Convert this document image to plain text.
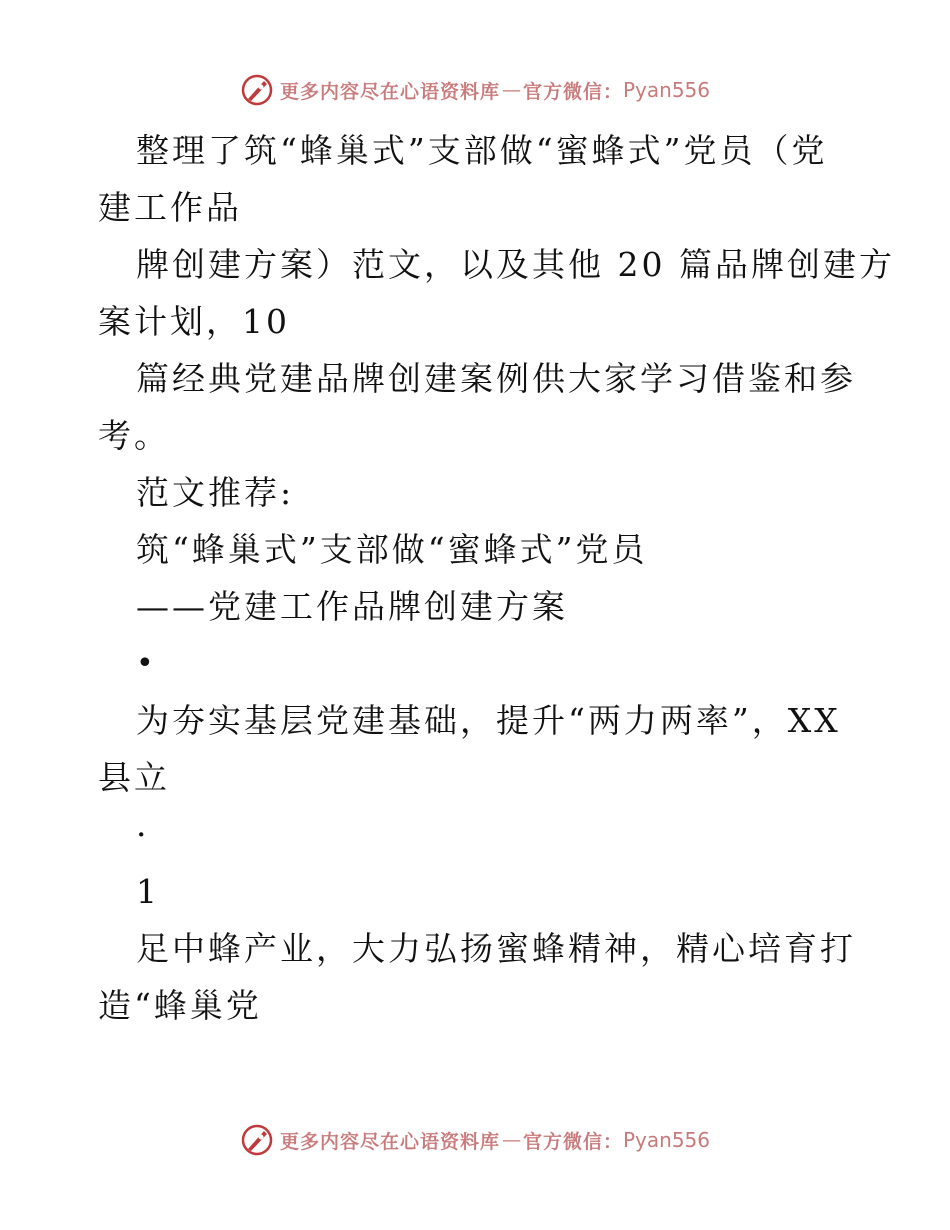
更多内容尽在心语资料库 — 官方微信： Pyan556

整理了筑“蜂巢式”支部做“蜜蜂式”党员（党

建工作品

牌创建方案）范文，以及其他 20 篇品牌创建方

案计划，10

篇经典党建品牌创建案例供大家学习借鉴和参

考。

范文推荐:

筑“蜂巢式”支部做“蜜蜂式”党员

——党建工作品牌创建方案

•

为夯实基层党建基础，提升“两力两率”，XX

县立

·

1

足中蜂产业，大力弘扬蜜蜂精神，精心培育打

造“蜂巢党

更多内容尽在心语资料库 — 官方微信： Pyan556
